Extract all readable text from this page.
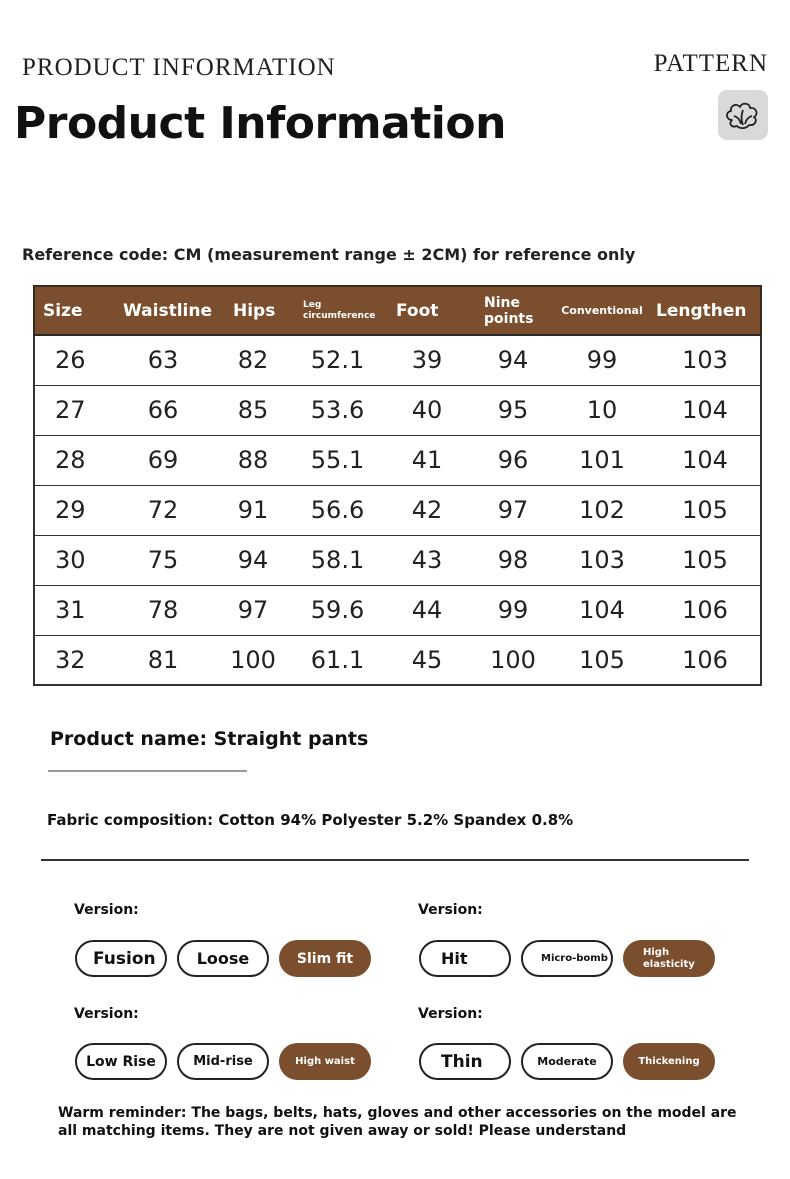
PRODUCT INFORMATION	PATTERN
Product Information
Reference code: CM (measurement range ± 2CM) for reference only
Size	Waistline	Hips	Leg circumference	Foot	Nine points	Conventional	Lengthen
26	63	82	52.1	39	94	99	103
27	66	85	53.6	40	95	10	104
28	69	88	55.1	41	96	101	104
29	72	91	56.6	42	97	102	105
30	75	94	58.1	43	98	103	105
31	78	97	59.6	44	99	104	106
32	81	100	61.1	45	100	105	106
Product name: Straight pants
Fabric composition: Cotton 94% Polyester 5.2% Spandex 0.8%
Version:
Fusion	Loose	Slim fit
Version:
Hit	Micro-bomb
High elasticity
Version:
Low Rise	Mid-rise	High waist
Version:
Thin	Moderate	Thickening
Warm reminder: The bags, belts, hats, gloves and other accessories on the model are all matching items. They are not given away or sold! Please understand
